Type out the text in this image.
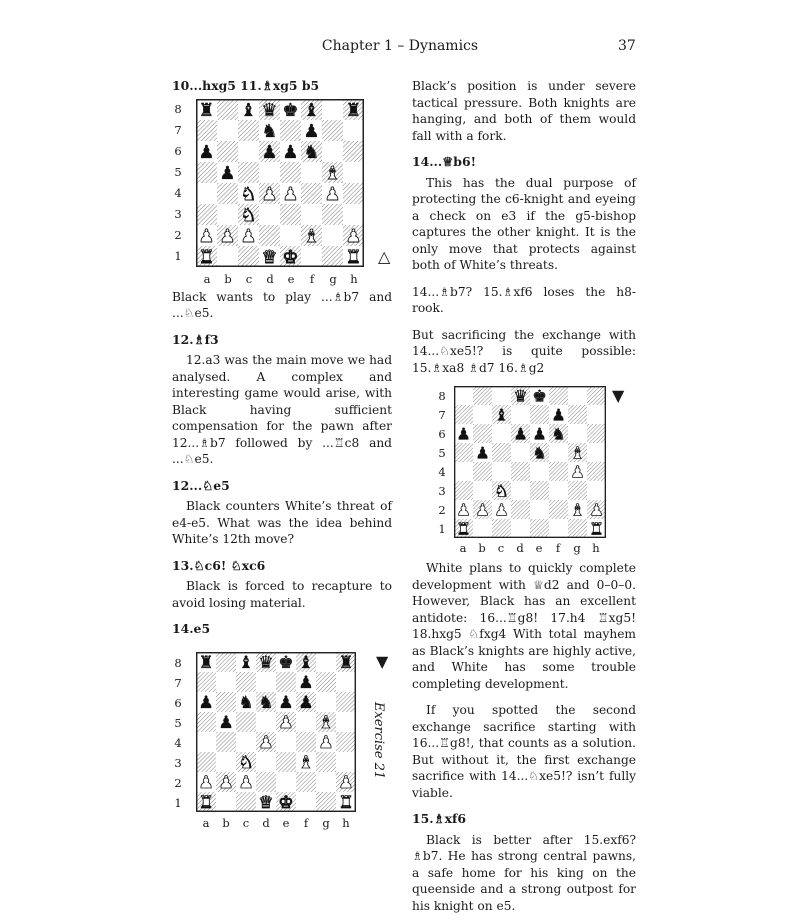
Chapter 1 – Dynamics	37
10...hxg5 11.♗xg5 b5
8
7
6
5
4
3
2
1
♜ ♝ ♛ ♚ ♝ ♜
♞ ♟
♟	♟ ♟ ♞
♟	♝
♞ ♟ ♟ ♟
♞
♟ ♟ ♟	♝ ♟
♜	♛ ♚	♜
a	b	c	d	e	f	g	h
△

Black wants to play ...♗b7 and ...♘e5.

12.♗f3

12.a3 was the main move we had analysed. A complex and interesting game would arise, with Black having sufficient compensation for the pawn after 12...♗b7 followed by ...♖c8 and ...♘e5.

12...♘e5

Black counters White’s threat of e4-e5. What was the idea behind White’s 12th move?

13.♘c6! ♘xc6

Black is forced to recapture to avoid losing material.

14.e5
8
7
6
5
4
3
2
1
♜ ♝ ♛ ♚ ♝ ♜
♟
♟ ♞ ♞ ♟ ♟
♟ ♟ ♝
♟ ♟
♞ ♝
♟ ♟ ♟	♟
♜ ♛ ♚ ♜
a	b	c	d	e	f	g	h
▼
Exercise 21

Black’s position is under severe tactical pressure. Both knights are hanging, and both of them would fall with a fork.

14...♕b6!

This has the dual purpose of protecting the c6-knight and eyeing a check on e3 if the g5-bishop captures the other knight. It is the only move that protects against both of White’s threats.

14...♗b7? 15.♗xf6 loses the h8-rook.

But sacrificing the exchange with 14...♘xe5!? is quite possible: 15.♗xa8 ♗d7 16.♗g2

8
7
6
5
4
3
2
1
♛ ♚
♝ ♟
♟ ♟ ♟ ♞
♟ ♞ ♝
♟
♞
♟ ♟ ♟	♝ ♟
♜	♜
a	b	c	d	e	f	g	h
▼

White plans to quickly complete development with ♕d2 and 0–0–0. However, Black has an excellent antidote: 16...♖g8! 17.h4 ♖xg5! 18.hxg5 ♘fxg4 With total mayhem as Black’s knights are highly active, and White has some trouble completing development.

If you spotted the second exchange sacrifice starting with 16...♖g8!, that counts as a solution. But without it, the first exchange sacrifice with 14...♘xe5!? isn’t fully viable.

15.♗xf6

Black is better after 15.exf6? ♗b7. He has strong central pawns, a safe home for his king on the queenside and a strong outpost for his knight on e5.
